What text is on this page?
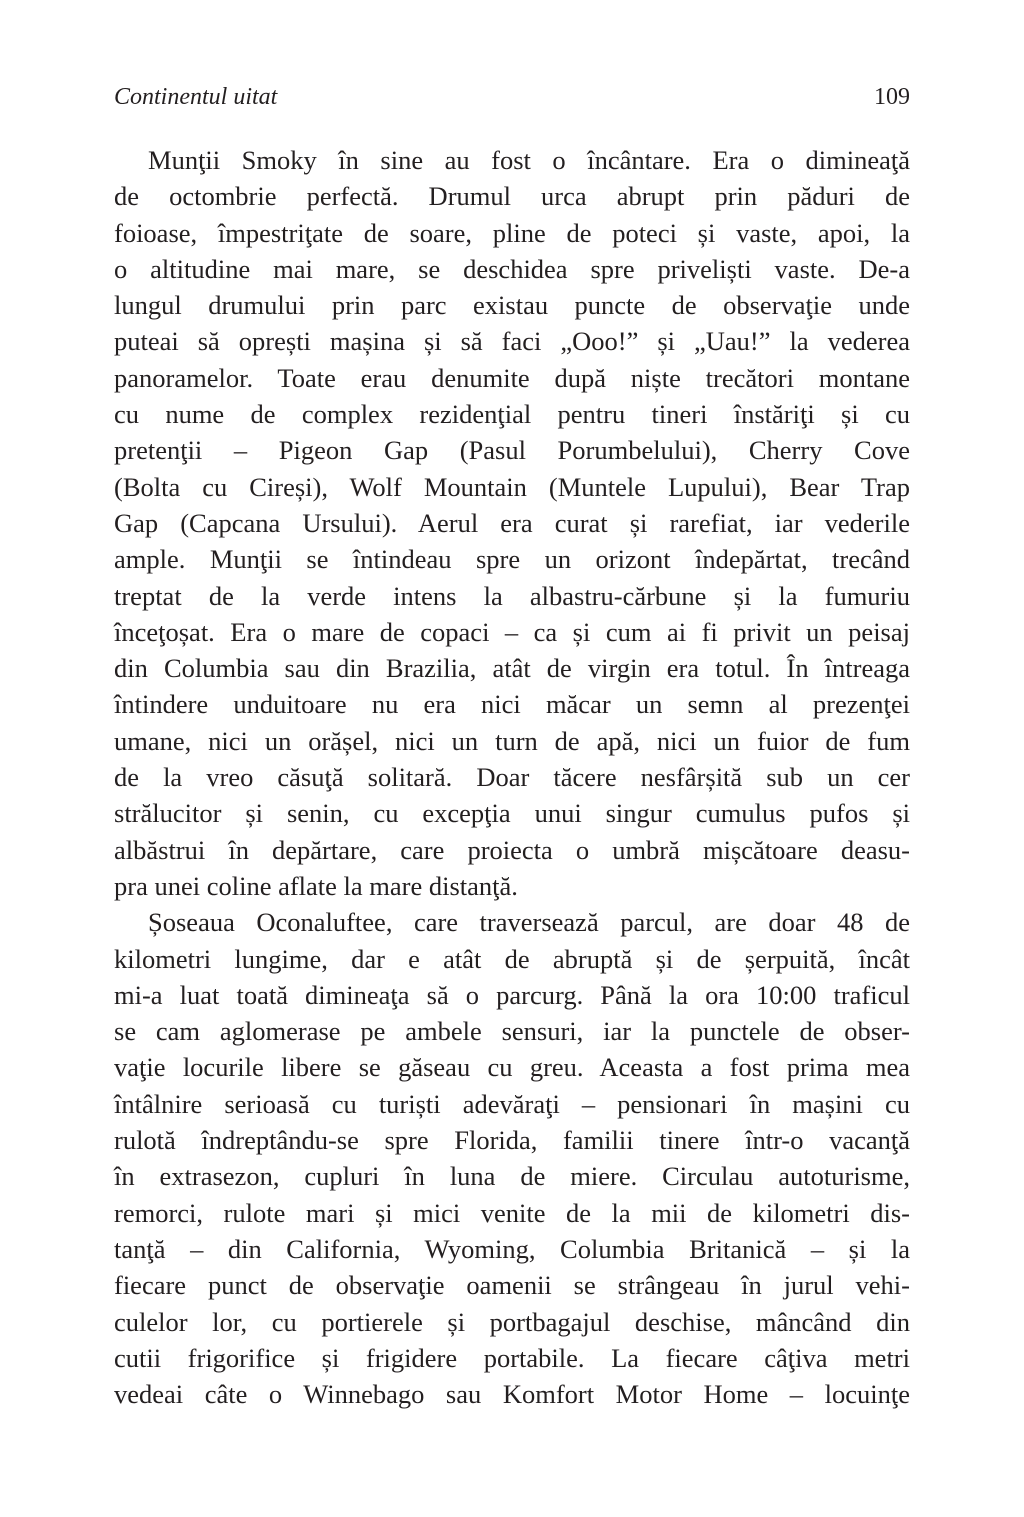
Continentul uitat	109
Munţii Smoky în sine au fost o încântare. Era o dimineaţă
de octombrie perfectă. Drumul urca abrupt prin păduri de
foioase, împestriţate de soare, pline de poteci și vaste, apoi, la
o altitudine mai mare, se deschidea spre priveliști vaste. De-a
lungul drumului prin parc existau puncte de observaţie unde
puteai să oprești mașina și să faci „Ooo!” și „Uau!” la vederea
panoramelor. Toate erau denumite după niște trecători montane
cu nume de complex rezidenţial pentru tineri înstăriţi și cu
pretenţii – Pigeon Gap (Pasul Porumbelului), Cherry Cove
(Bolta cu Cireși), Wolf Mountain (Muntele Lupului), Bear Trap
Gap (Capcana Ursului). Aerul era curat și rarefiat, iar vederile
ample. Munţii se întindeau spre un orizont îndepărtat, trecând
treptat de la verde intens la albastru-cărbune și la fumuriu
înceţoșat. Era o mare de copaci – ca și cum ai fi privit un peisaj
din Columbia sau din Brazilia, atât de virgin era totul. În întreaga
întindere unduitoare nu era nici măcar un semn al prezenţei
umane, nici un orășel, nici un turn de apă, nici un fuior de fum
de la vreo căsuţă solitară. Doar tăcere nesfârșită sub un cer
strălucitor și senin, cu excepţia unui singur cumulus pufos și
albăstrui în depărtare, care proiecta o umbră mișcătoare deasu-
pra unei coline aflate la mare distanţă.
Șoseaua Oconaluftee, care traversează parcul, are doar 48 de
kilometri lungime, dar e atât de abruptă și de șerpuită, încât
mi-a luat toată dimineaţa să o parcurg. Până la ora 10:00 traficul
se cam aglomerase pe ambele sensuri, iar la punctele de obser-
vaţie locurile libere se găseau cu greu. Aceasta a fost prima mea
întâlnire serioasă cu turiști adevăraţi – pensionari în mașini cu
rulotă îndreptându-se spre Florida, familii tinere într-o vacanţă
în extrasezon, cupluri în luna de miere. Circulau autoturisme,
remorci, rulote mari și mici venite de la mii de kilometri dis-
tanţă – din California, Wyoming, Columbia Britanică – și la
fiecare punct de observaţie oamenii se strângeau în jurul vehi-
culelor lor, cu portierele și portbagajul deschise, mâncând din
cutii frigorifice și frigidere portabile. La fiecare câţiva metri
vedeai câte o Winnebago sau Komfort Motor Home – locuinţe
